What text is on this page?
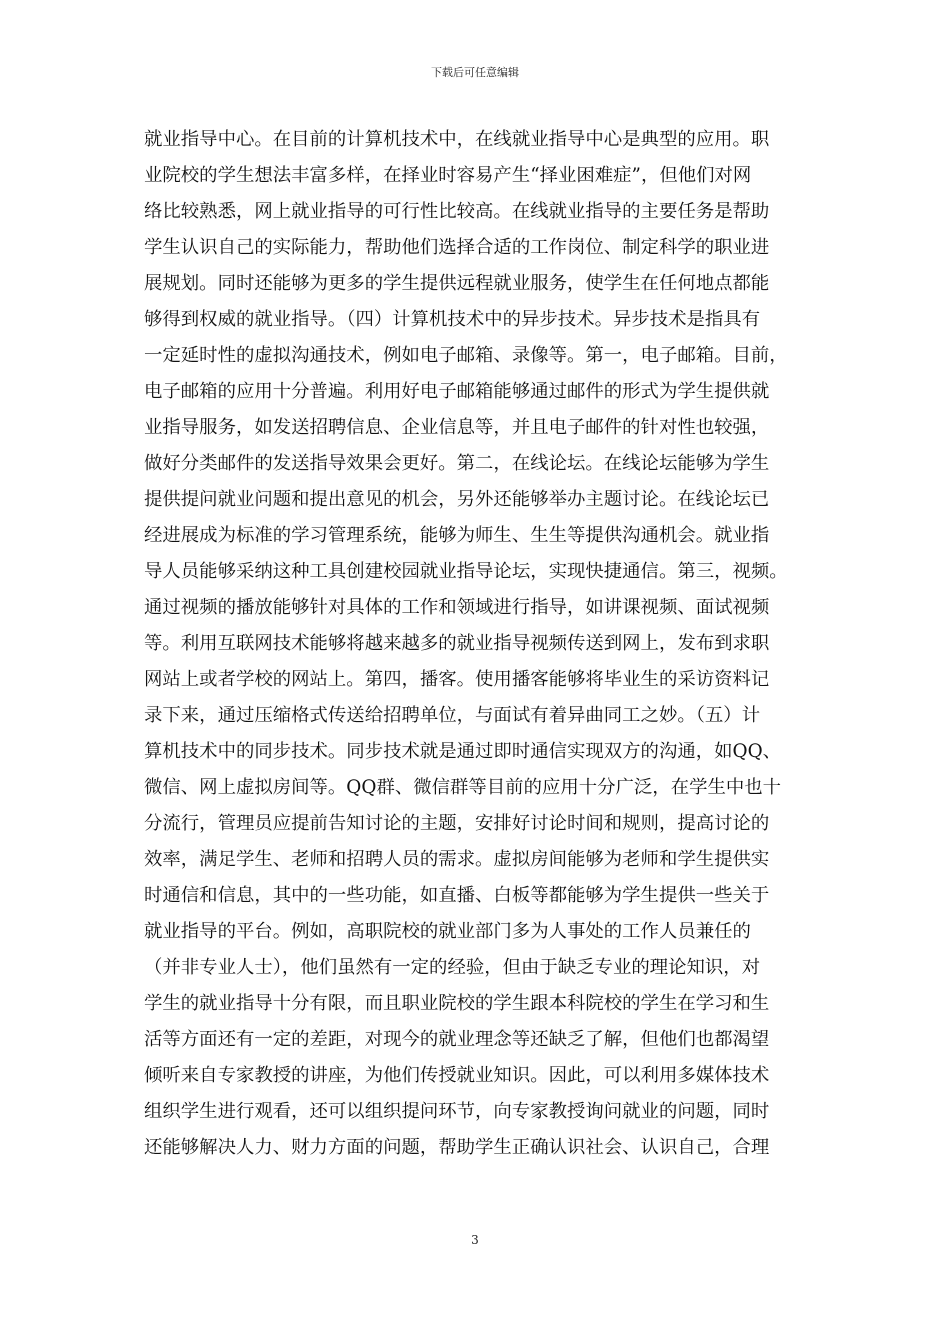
下载后可任意编辑
就业指导中心。在目前的计算机技术中，在线就业指导中心是典型的应用。职
业院校的学生想法丰富多样，在择业时容易产生“择业困难症”，但他们对网
络比较熟悉，网上就业指导的可行性比较高。在线就业指导的主要任务是帮助
学生认识自己的实际能力，帮助他们选择合适的工作岗位、制定科学的职业进
展规划。同时还能够为更多的学生提供远程就业服务，使学生在任何地点都能
够得到权威的就业指导。（四）计算机技术中的异步技术。异步技术是指具有
一定延时性的虚拟沟通技术，例如电子邮箱、录像等。第一，电子邮箱。目前，
电子邮箱的应用十分普遍。利用好电子邮箱能够通过邮件的形式为学生提供就
业指导服务，如发送招聘信息、企业信息等，并且电子邮件的针对性也较强，
做好分类邮件的发送指导效果会更好。第二，在线论坛。在线论坛能够为学生
提供提问就业问题和提出意见的机会，另外还能够举办主题讨论。在线论坛已
经进展成为标准的学习管理系统，能够为师生、生生等提供沟通机会。就业指
导人员能够采纳这种工具创建校园就业指导论坛，实现快捷通信。第三，视频。
通过视频的播放能够针对具体的工作和领域进行指导，如讲课视频、面试视频
等。利用互联网技术能够将越来越多的就业指导视频传送到网上，发布到求职
网站上或者学校的网站上。第四，播客。使用播客能够将毕业生的采访资料记
录下来，通过压缩格式传送给招聘单位，与面试有着异曲同工之妙。（五）计
算机技术中的同步技术。同步技术就是通过即时通信实现双方的沟通，如QQ、
微信、网上虚拟房间等。QQ群、微信群等目前的应用十分广泛，在学生中也十
分流行，管理员应提前告知讨论的主题，安排好讨论时间和规则，提高讨论的
效率，满足学生、老师和招聘人员的需求。虚拟房间能够为老师和学生提供实
时通信和信息，其中的一些功能，如直播、白板等都能够为学生提供一些关于
就业指导的平台。例如，高职院校的就业部门多为人事处的工作人员兼任的
（并非专业人士），他们虽然有一定的经验，但由于缺乏专业的理论知识，对
学生的就业指导十分有限，而且职业院校的学生跟本科院校的学生在学习和生
活等方面还有一定的差距，对现今的就业理念等还缺乏了解，但他们也都渴望
倾听来自专家教授的讲座，为他们传授就业知识。因此，可以利用多媒体技术
组织学生进行观看，还可以组织提问环节，向专家教授询问就业的问题，同时
还能够解决人力、财力方面的问题，帮助学生正确认识社会、认识自己，合理
3
